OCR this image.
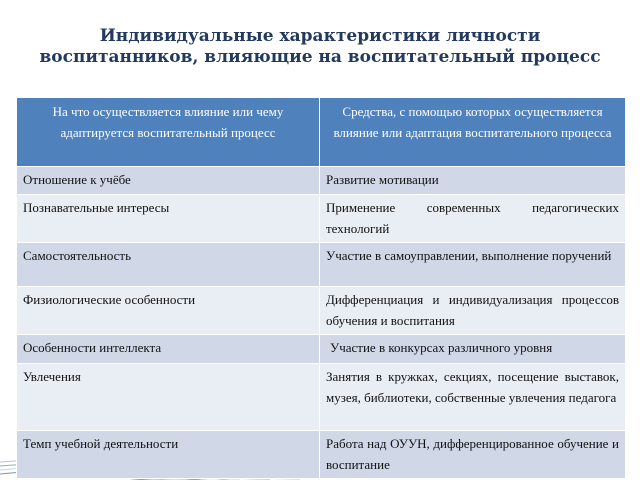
Индивидуальные характеристики личности воспитанников, влияющие на воспитательный процесс
На что осуществляется влияние или чему адаптируется воспитательный процесс	Средства, с помощью которых осуществляется влияние или адаптация воспитательного процесса
Отношение к учёбе	Развитие мотивации
Познавательные интересы	Применение современных педагогических технологий
Самостоятельность	Участие в самоуправлении, выполнение поручений
Физиологические особенности	Дифференциация и индивидуализация процессов обучения и воспитания
Особенности интеллекта	Участие в конкурсах различного уровня
Увлечения	Занятия в кружках, секциях, посещение выставок, музея, библиотеки, собственные увлечения педагога
Темп учебной деятельности	Работа над ОУУН, дифференцированное обучение и воспитание
